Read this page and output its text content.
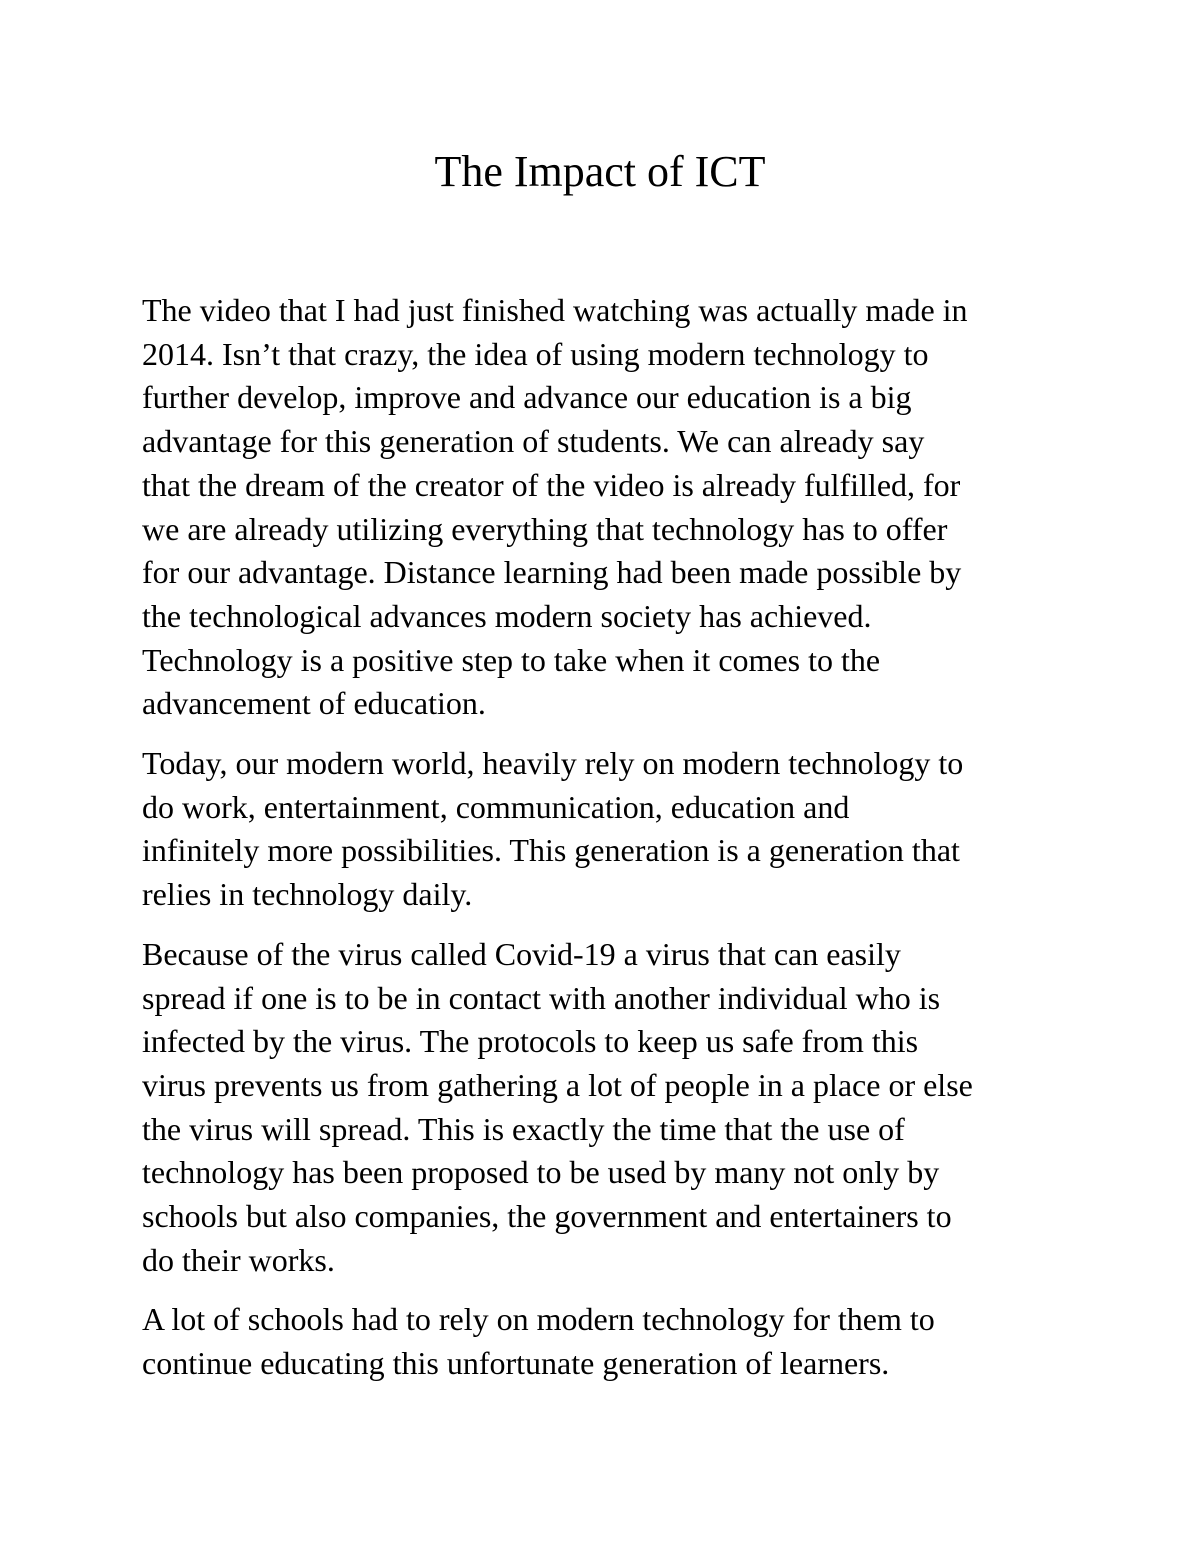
The Impact of ICT

The video that I had just finished watching was actually made in
2014. Isn’t that crazy, the idea of using modern technology to
further develop, improve and advance our education is a big
advantage for this generation of students. We can already say
that the dream of the creator of the video is already fulfilled, for
we are already utilizing everything that technology has to offer
for our advantage. Distance learning had been made possible by
the technological advances modern society has achieved.
Technology is a positive step to take when it comes to the
advancement of education.

Today, our modern world, heavily rely on modern technology to
do work, entertainment, communication, education and
infinitely more possibilities. This generation is a generation that
relies in technology daily.

Because of the virus called Covid-19 a virus that can easily
spread if one is to be in contact with another individual who is
infected by the virus. The protocols to keep us safe from this
virus prevents us from gathering a lot of people in a place or else
the virus will spread. This is exactly the time that the use of
technology has been proposed to be used by many not only by
schools but also companies, the government and entertainers to
do their works.

A lot of schools had to rely on modern technology for them to
continue educating this unfortunate generation of learners.
